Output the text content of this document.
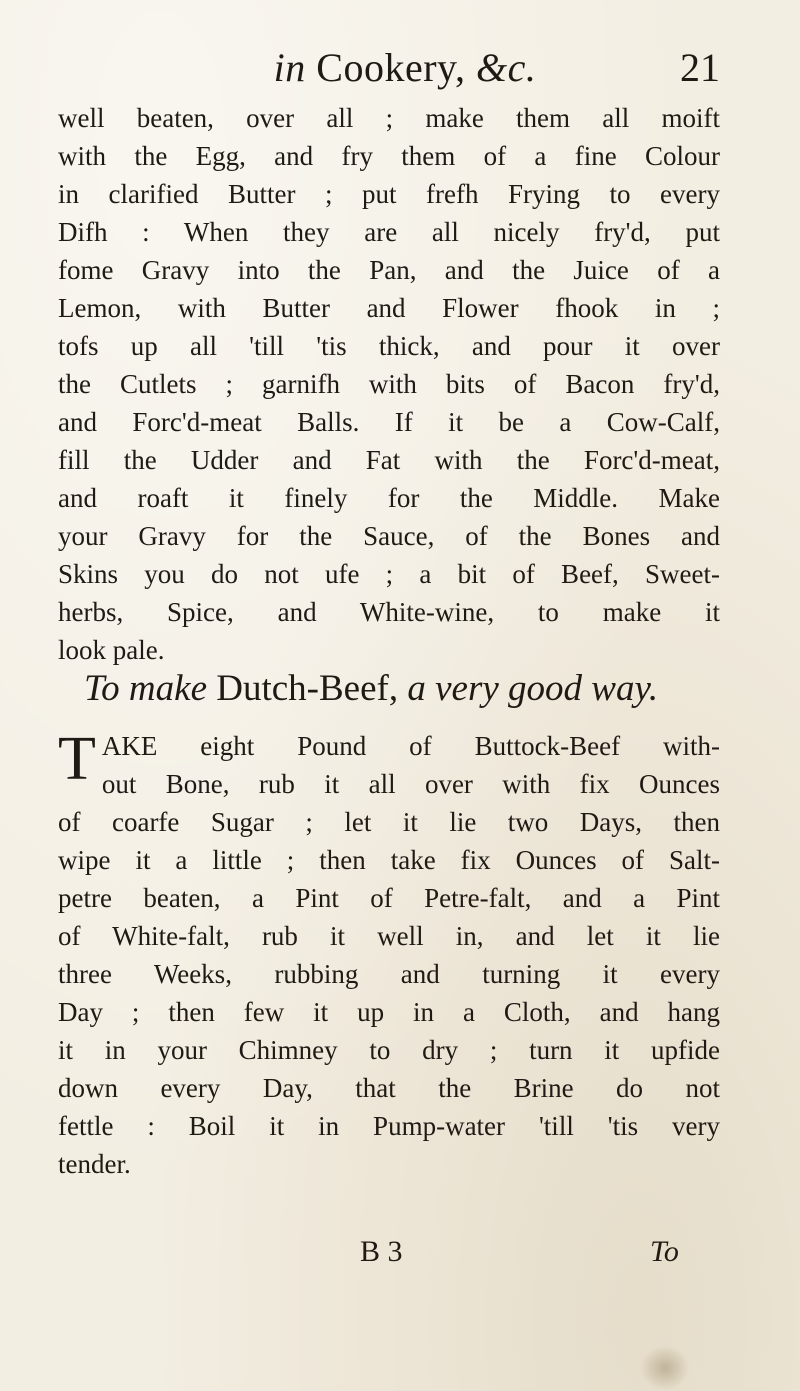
in Cookery, &c.	21
well beaten, over all ; make them all moift
with the Egg, and fry them of a fine Colour
in clarified Butter ; put frefh Frying to every
Difh : When they are all nicely fry'd, put
fome Gravy into the Pan, and the Juice of a
Lemon, with Butter and Flower fhook in ;
tofs up all 'till 'tis thick, and pour it over
the Cutlets ; garnifh with bits of Bacon fry'd,
and Forc'd-meat Balls. If it be a Cow-Calf,
fill the Udder and Fat with the Forc'd-meat,
and roaft it finely for the Middle. Make
your Gravy for the Sauce, of the Bones and
Skins you do not ufe ; a bit of Beef, Sweet-
herbs, Spice, and White-wine, to make it
look pale.
To make Dutch-Beef, a very good way.
T AKE eight Pound of Buttock-Beef with-
out Bone, rub it all over with fix Ounces
of coarfe Sugar ; let it lie two Days, then
wipe it a little ; then take fix Ounces of Salt-
petre beaten, a Pint of Petre-falt, and a Pint
of White-falt, rub it well in, and let it lie
three Weeks, rubbing and turning it every
Day ; then few it up in a Cloth, and hang
it in your Chimney to dry ; turn it upfide
down every Day, that the Brine do not
fettle : Boil it in Pump-water 'till 'tis very
tender.
B 3	To
